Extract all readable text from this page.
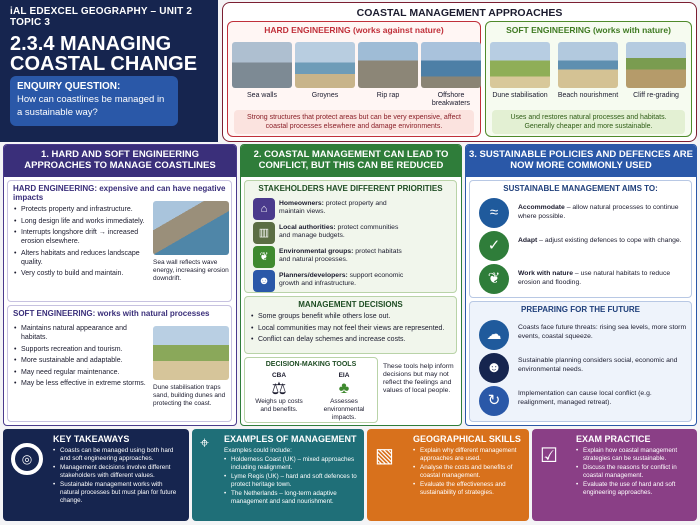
iAL EDEXCEL GEOGRAPHY – UNIT 2 TOPIC 3
2.3.4 MANAGING
COASTAL CHANGE
ENQUIRY QUESTION:
How can coastlines be managed in a sustainable way?
COASTAL MANAGEMENT APPROACHES
HARD ENGINEERING (works against nature)
Sea walls	Groynes	Rip rap	Offshore breakwaters
Strong structures that protect areas but can be very expensive, affect coastal processes elsewhere and damage environments.
SOFT ENGINEERING (works with nature)
Dune stabilisation	Beach nourishment	Cliff re-grading
Uses and restores natural processes and habitats. Generally cheaper and more sustainable.
1. HARD AND SOFT ENGINEERING APPROACHES TO MANAGE COASTLINES
HARD ENGINEERING: expensive and can have negative impacts
• Protects property and infrastructure.
• Long design life and works immediately.
• Interrupts longshore drift → increased erosion elsewhere.
• Alters habitats and reduces landscape quality.
• Very costly to build and maintain.
Sea wall reflects wave energy, increasing erosion downdrift.
SOFT ENGINEERING: works with natural processes
• Maintains natural appearance and habitats.
• Supports recreation and tourism.
• More sustainable and adaptable.
• May need regular maintenance.
• May be less effective in extreme storms.
Dune stabilisation traps sand, building dunes and protecting the coast.
2. COASTAL MANAGEMENT CAN LEAD TO CONFLICT, BUT THIS CAN BE REDUCED
STAKEHOLDERS HAVE DIFFERENT PRIORITIES
⌂
▥
❦
☻
Homeowners: protect property and maintain views.
Local authorities: protect communities and manage budgets.
Environmental groups: protect habitats and natural processes.
Planners/developers: support economic growth and infrastructure.
MANAGEMENT DECISIONS
• Some groups benefit while others lose out.
• Local communities may not feel their views are represented.
• Conflict can delay schemes and increase costs.
DECISION-MAKING TOOLS
CBA
⚖
Weighs up costs and benefits.
EIA
♣
Assesses environmental impacts.
These tools help inform decisions but may not reflect the feelings and values of local people.
3. SUSTAINABLE POLICIES AND DEFENCES ARE NOW MORE COMMONLY USED
SUSTAINABLE MANAGEMENT AIMS TO:
≈
✓
❦
Accommodate – allow natural processes to continue where possible.
Adapt – adjust existing defences to cope with change.
Work with nature – use natural habitats to reduce erosion and flooding.
PREPARING FOR THE FUTURE
☁
☻
↻
Coasts face future threats: rising sea levels, more storm events, coastal squeeze.
Sustainable planning considers social, economic and environmental needs.
Implementation can cause local conflict (e.g. realignment, managed retreat).
◎
KEY TAKEAWAYS
• Coasts can be managed using both hard and soft engineering approaches.
• Management decisions involve different stakeholders with different values.
• Sustainable management works with natural processes but must plan for future change.
⌖ EXAMPLES OF MANAGEMENT
Examples could include:
• Holderness Coast (UK) – mixed approaches including realignment.
• Lyme Regis (UK) – hard and soft defences to protect heritage town.
• The Netherlands – long-term adaptive management and sand nourishment.
▧
GEOGRAPHICAL SKILLS
• Explain why different management approaches are used.
• Analyse the costs and benefits of coastal management.
• Evaluate the effectiveness and sustainability of strategies.
☑
EXAM PRACTICE
• Explain how coastal management strategies can be sustainable.
• Discuss the reasons for conflict in coastal management.
• Evaluate the use of hard and soft engineering approaches.
